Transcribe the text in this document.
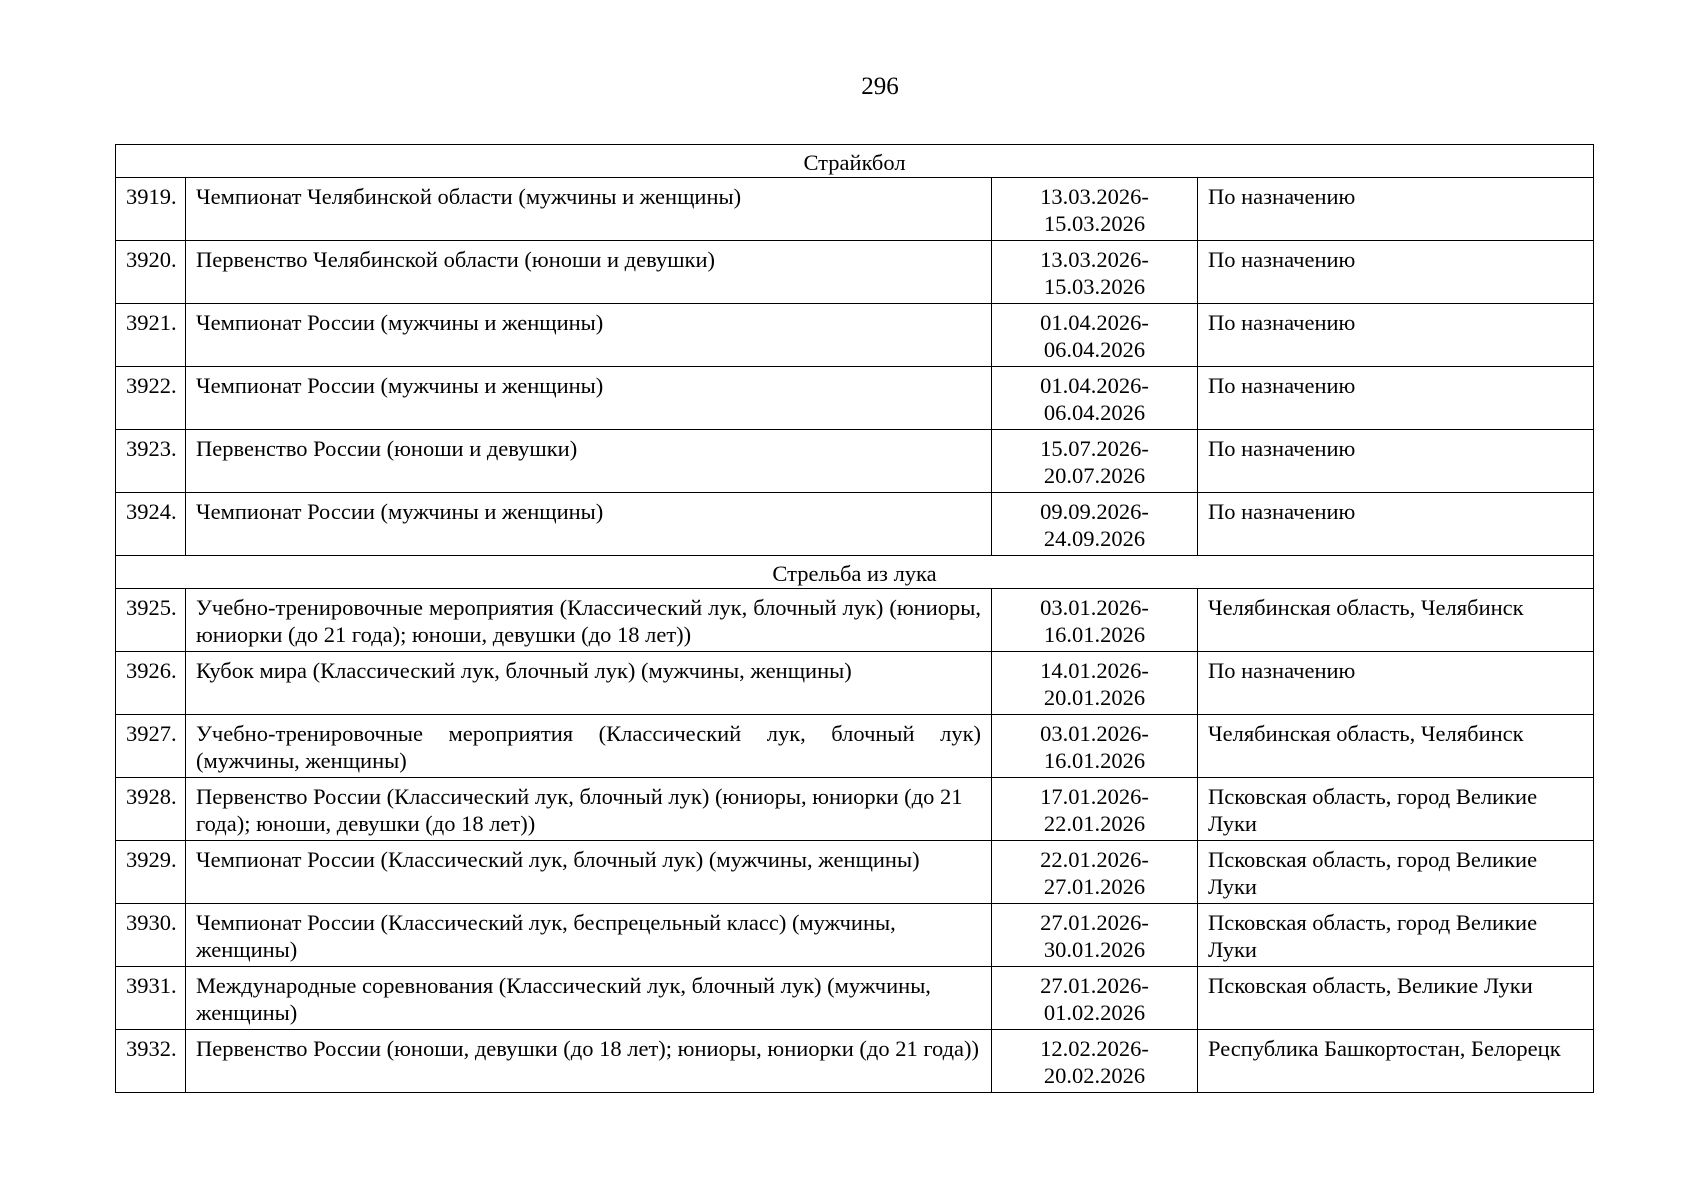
296
Страйкбол			
3919.	Чемпионат Челябинской области (мужчины и женщины)	13.03.2026-
15.03.2026	По назначению
3920.	Первенство Челябинской области (юноши и девушки)	13.03.2026-
15.03.2026	По назначению
3921.	Чемпионат России (мужчины и женщины)	01.04.2026-
06.04.2026	По назначению
3922.	Чемпионат России (мужчины и женщины)	01.04.2026-
06.04.2026	По назначению
3923.	Первенство России (юноши и девушки)	15.07.2026-
20.07.2026	По назначению
3924.	Чемпионат России (мужчины и женщины)	09.09.2026-
24.09.2026	По назначению
Стрельба из лука			
3925.	Учебно-тренировочные мероприятия (Классический лук, блочный лук) (юниоры, юниорки (до 21 года); юноши, девушки (до 18 лет))	03.01.2026-
16.01.2026	Челябинская область, Челябинск
3926.	Кубок мира (Классический лук, блочный лук) (мужчины, женщины)	14.01.2026-
20.01.2026	По назначению
3927.	Учебно-тренировочные мероприятия (Классический лук, блочный лук) (мужчины, женщины)	03.01.2026-
16.01.2026	Челябинская область, Челябинск
3928.	Первенство России (Классический лук, блочный лук) (юниоры, юниорки (до 21 года); юноши, девушки (до 18 лет))	17.01.2026-
22.01.2026	Псковская область, город Великие Луки
3929.	Чемпионат России (Классический лук, блочный лук) (мужчины, женщины)	22.01.2026-
27.01.2026	Псковская область, город Великие Луки
3930.	Чемпионат России (Классический лук, беспрецельный класс) (мужчины, женщины)	27.01.2026-
30.01.2026	Псковская область, город Великие Луки
3931.	Международные соревнования (Классический лук, блочный лук) (мужчины, женщины)	27.01.2026-
01.02.2026	Псковская область, Великие Луки
3932.	Первенство России (юноши, девушки (до 18 лет); юниоры, юниорки (до 21 года))	12.02.2026-
20.02.2026	Республика Башкортостан, Белорецк
